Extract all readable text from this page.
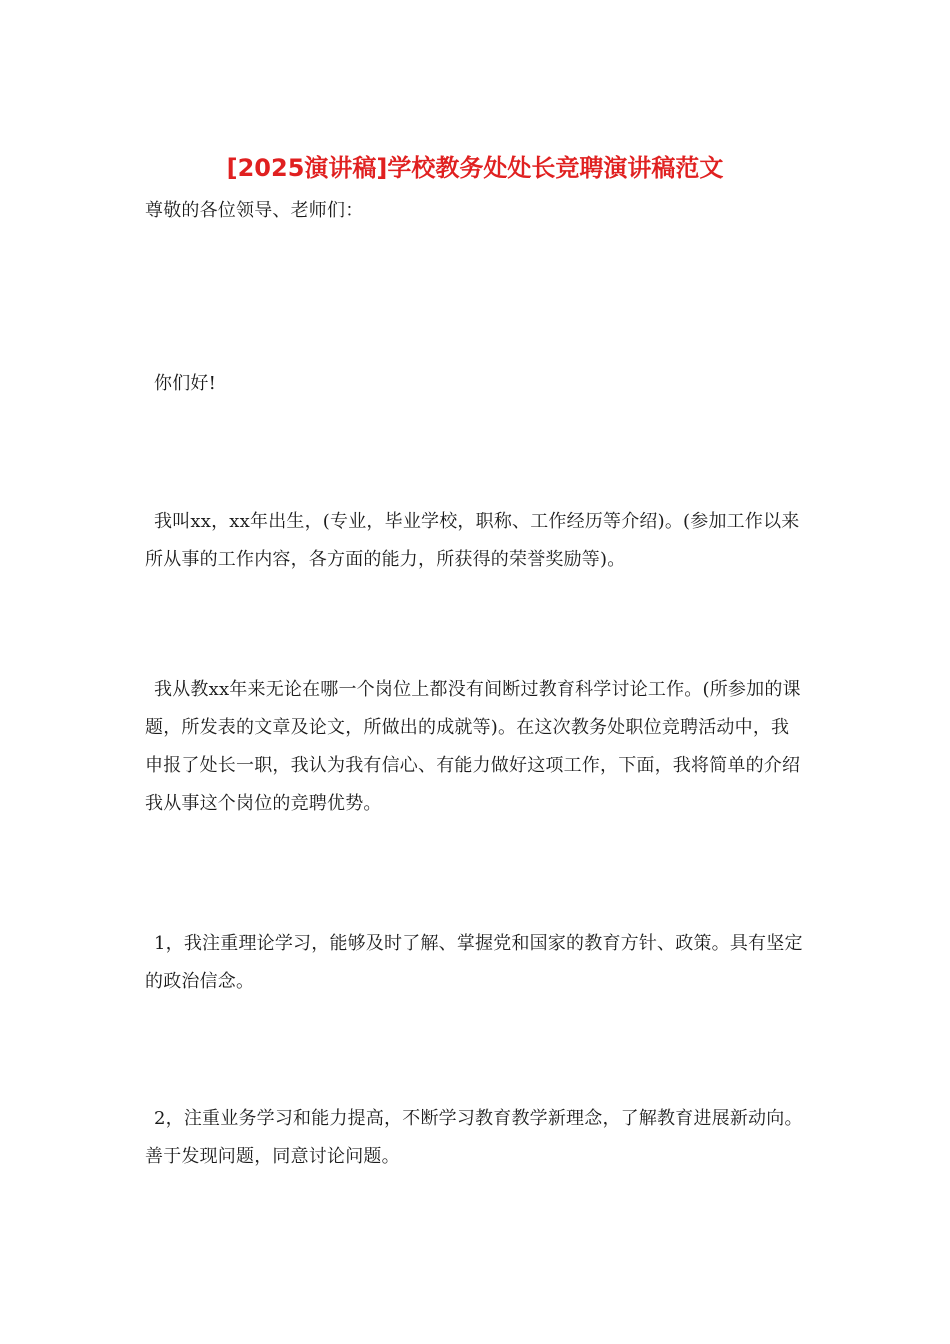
[2025演讲稿]学校教务处处长竞聘演讲稿范文

尊敬的各位领导、老师们：

你们好!

我叫xx，xx年出生，(专业，毕业学校，职称、工作经历等介绍)。(参加工作以来所从事的工作内容，各方面的能力，所获得的荣誉奖励等)。

我从教xx年来无论在哪一个岗位上都没有间断过教育科学讨论工作。(所参加的课题，所发表的文章及论文，所做出的成就等)。在这次教务处职位竞聘活动中，我申报了处长一职，我认为我有信心、有能力做好这项工作，下面，我将简单的介绍我从事这个岗位的竞聘优势。

1，我注重理论学习，能够及时了解、掌握党和国家的教育方针、政策。具有坚定的政治信念。

2，注重业务学习和能力提高，不断学习教育教学新理念，了解教育进展新动向。善于发现问题，同意讨论问题。
